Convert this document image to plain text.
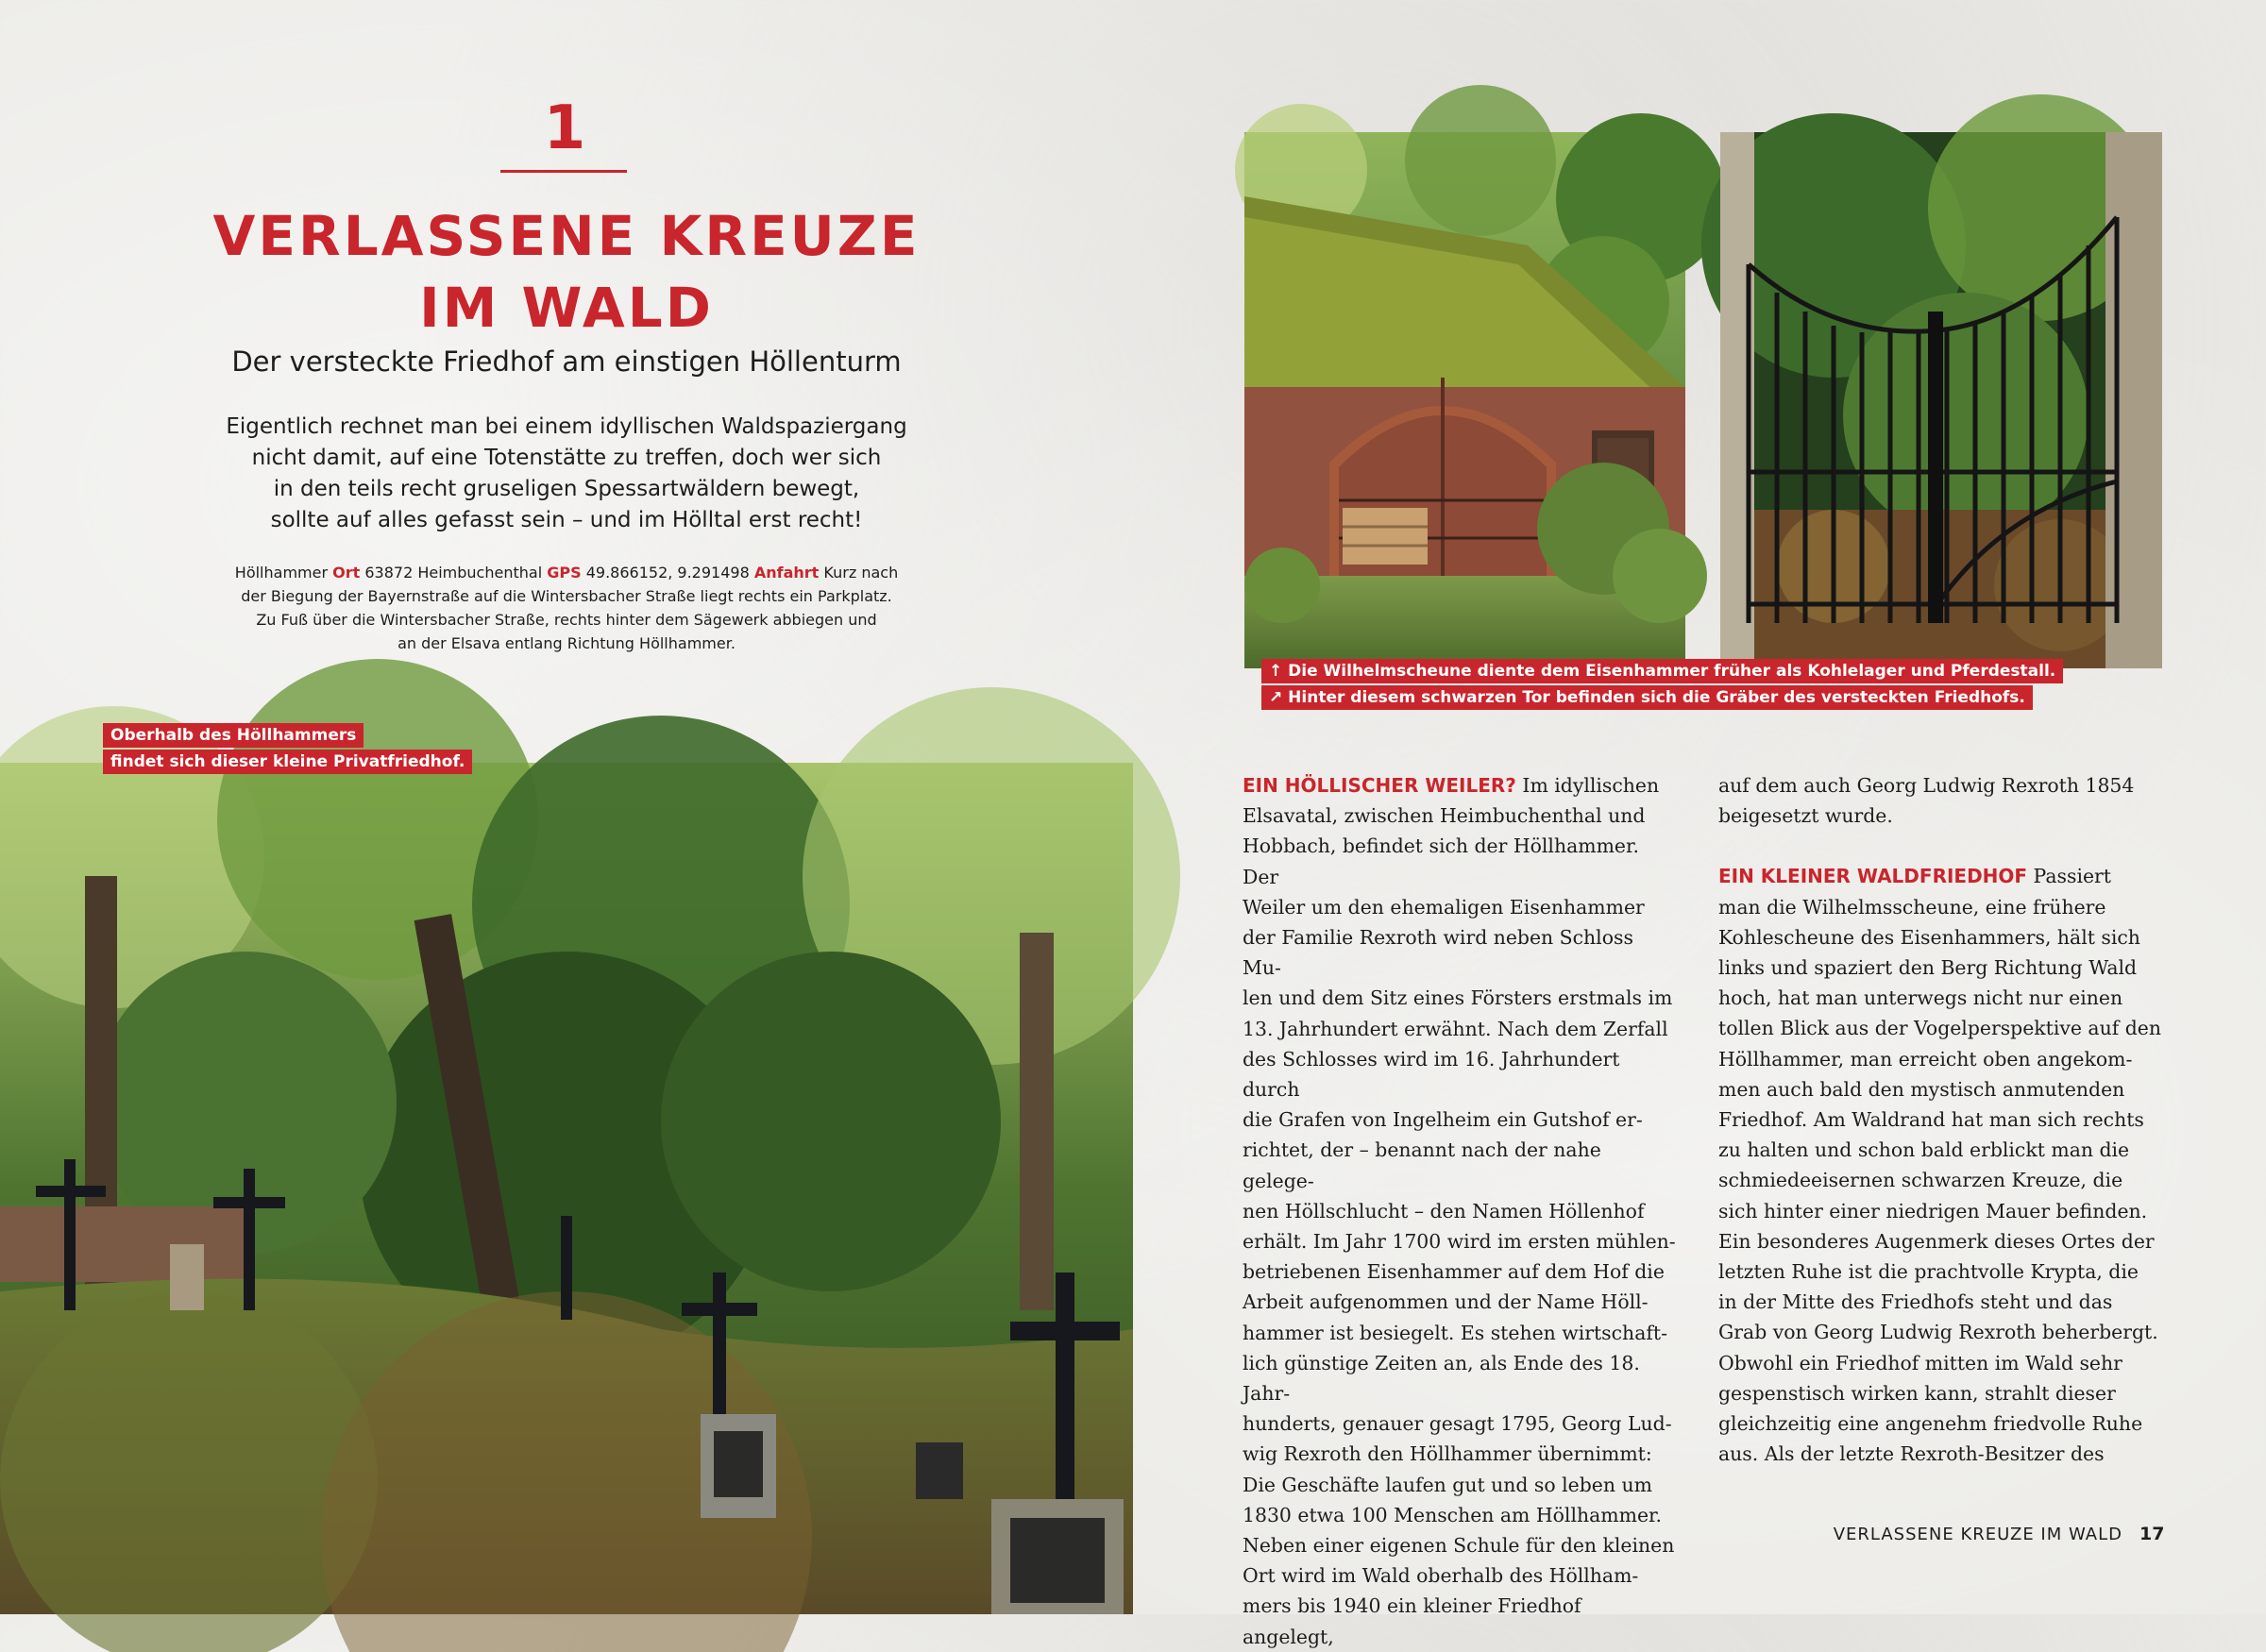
1
VERLASSENE KREUZE
IM WALD
Der versteckte Friedhof am einstigen Höllenturm
Eigentlich rechnet man bei einem idyllischen Waldspaziergang
nicht damit, auf eine Totenstätte zu treffen, doch wer sich
in den teils recht gruseligen Spessartwäldern bewegt,
sollte auf alles gefasst sein – und im Hölltal erst recht!
Höllhammer Ort 63872 Heimbuchenthal GPS 49.866152, 9.291498 Anfahrt Kurz nach
der Biegung der Bayernstraße auf die Wintersbacher Straße liegt rechts ein Parkplatz.
Zu Fuß über die Wintersbacher Straße, rechts hinter dem Sägewerk abbiegen und
an der Elsava entlang Richtung Höllhammer.
↑ Die Wilhelmscheune diente dem Eisenhammer früher als Kohlelager und Pferdestall.
↗ Hinter diesem schwarzen Tor befinden sich die Gräber des versteckten Friedhofs.
Oberhalb des Höllhammers
findet sich dieser kleine Privatfriedhof.
EIN HÖLLISCHER WEILER? Im idyllischen
Elsavatal, zwischen Heimbuchenthal und
Hobbach, befindet sich der Höllhammer. Der
Weiler um den ehemaligen Eisenhammer
der Familie Rexroth wird neben Schloss Mu-
len und dem Sitz eines Försters erstmals im
13. Jahrhundert erwähnt. Nach dem Zerfall
des Schlosses wird im 16. Jahrhundert durch
die Grafen von Ingelheim ein Gutshof er-
richtet, der – benannt nach der nahe gelege-
nen Höllschlucht – den Namen Höllenhof
erhält. Im Jahr 1700 wird im ersten mühlen-
betriebenen Eisenhammer auf dem Hof die
Arbeit aufgenommen und der Name Höll-
hammer ist besiegelt. Es stehen wirtschaft-
lich günstige Zeiten an, als Ende des 18. Jahr-
hunderts, genauer gesagt 1795, Georg Lud-
wig Rexroth den Höllhammer übernimmt:
Die Geschäfte laufen gut und so leben um
1830 etwa 100 Menschen am Höllhammer.
Neben einer eigenen Schule für den kleinen
Ort wird im Wald oberhalb des Höllham-
mers bis 1940 ein kleiner Friedhof angelegt,

auf dem auch Georg Ludwig Rexroth 1854
beigesetzt wurde.

EIN KLEINER WALDFRIEDHOF Passiert
man die Wilhelmsscheune, eine frühere
Kohlescheune des Eisenhammers, hält sich
links und spaziert den Berg Richtung Wald
hoch, hat man unterwegs nicht nur einen
tollen Blick aus der Vogelperspektive auf den
Höllhammer, man erreicht oben angekom-
men auch bald den mystisch anmutenden
Friedhof. Am Waldrand hat man sich rechts
zu halten und schon bald erblickt man die
schmiedeeisernen schwarzen Kreuze, die
sich hinter einer niedrigen Mauer befinden.
Ein besonderes Augenmerk dieses Ortes der
letzten Ruhe ist die prachtvolle Krypta, die
in der Mitte des Friedhofs steht und das
Grab von Georg Ludwig Rexroth beherbergt.
Obwohl ein Friedhof mitten im Wald sehr
gespenstisch wirken kann, strahlt dieser
gleichzeitig eine angenehm friedvolle Ruhe
aus. Als der letzte Rexroth-Besitzer des

VERLASSENE KREUZE IM WALD 17
